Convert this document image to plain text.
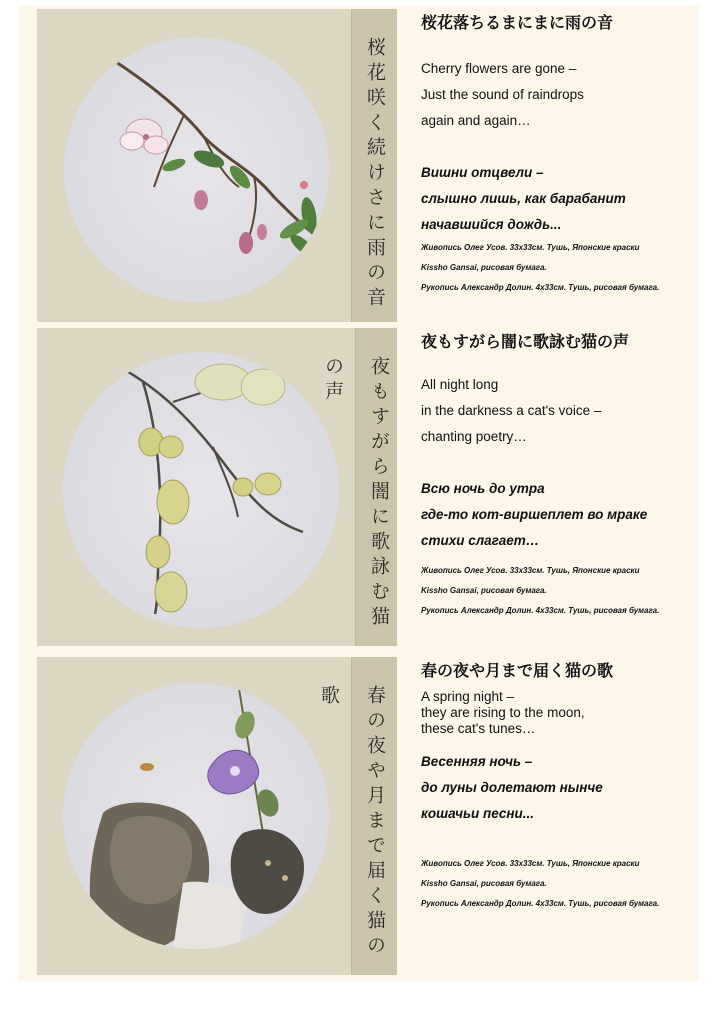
桜花咲く続けさに雨の音
桜花落ちるまにまに雨の音
Cherry flowers are gone –
Just the sound of raindrops
again and again…
Вишни отцвели –
слышно лишь, как барабанит
начавшийся дождь...
Живопись Олег Усов. 33x33см. Тушь, Японские краски
Kissho Gansai, рисовая бумага.
Рукопись Александр Долин. 4x33см. Тушь, рисовая бумага.
夜もすがら闇に歌詠む猫の声
夜もすがら闇に歌詠む猫の声
All night long
in the darkness a cat's voice –
chanting poetry…
Всю ночь до утра
где-то кот-виршеплет во мраке
стихи слагает…
Живопись Олег Усов. 33x33см. Тушь, Японские краски
Kissho Gansai, рисовая бумага.
Рукопись Александр Долин. 4x33см. Тушь, рисовая бумага.
春の夜や月まで届く猫の歌
春の夜や月まで届く猫の歌
A spring night –
they are rising to the moon,
these cat's tunes…
Весенняя ночь –
до луны долетают нынче
кошачьи песни...
Живопись Олег Усов. 33x33см. Тушь, Японские краски
Kissho Gansai, рисовая бумага.
Рукопись Александр Долин. 4x33см. Тушь, рисовая бумага.
